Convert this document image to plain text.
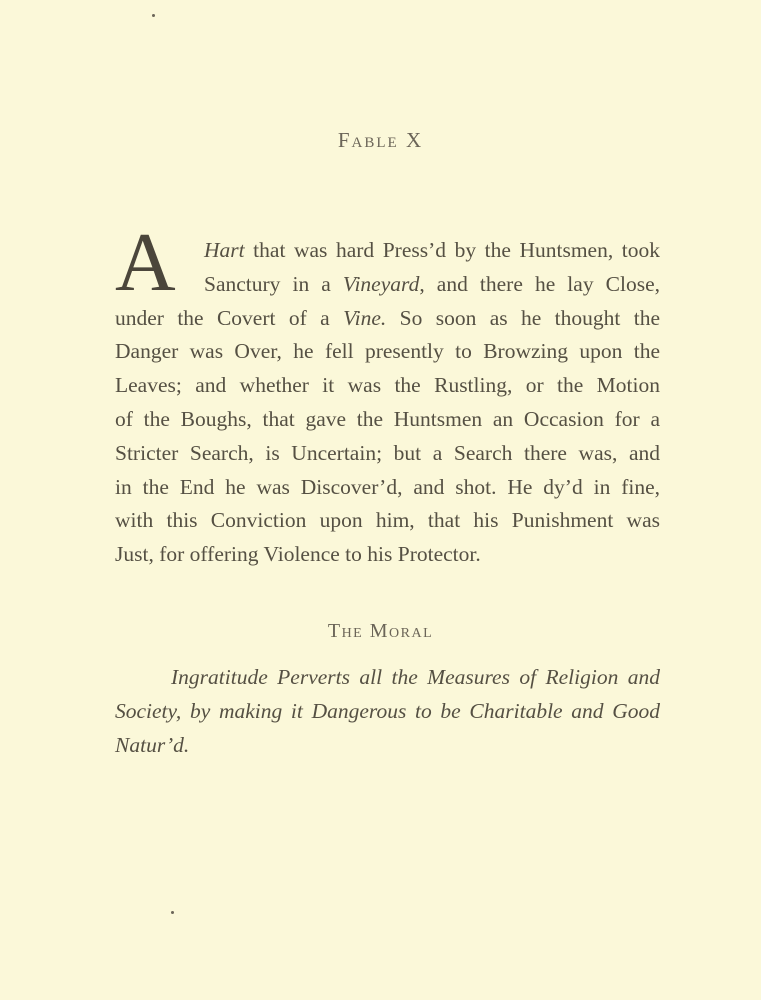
Fable X
A	Hart that was hard Press’d by the Huntsmen, took
Sanctury in a Vineyard, and there he lay Close,
under the Covert of a Vine. So soon as he thought the
Danger was Over, he fell presently to Browzing upon the
Leaves; and whether it was the Rustling, or the Motion
of the Boughs, that gave the Huntsmen an Occasion for a
Stricter Search, is Uncertain; but a Search there was, and
in the End he was Discover’d, and shot. He dy’d in fine,
with this Conviction upon him, that his Punishment was
Just, for offering Violence to his Protector.
The Moral
Ingratitude Perverts all the Measures of Religion and
Society, by making it Dangerous to be Charitable and Good
Natur’d.
